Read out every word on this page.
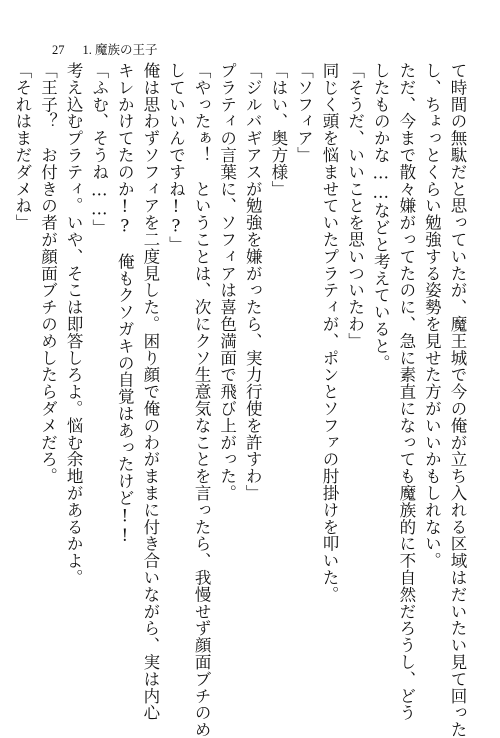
27 1. 魔族の王子
て時間の無駄だと思っていたが、魔王城で今の俺が立ち入れる区域はだいたい見て回った
し、ちょっとくらい勉強する姿勢を見せた方がいいかもしれない。
ただ、今まで散々嫌がってたのに、急に素直になっても魔族的に不自然だろうし、どう
したものかな……などと考えていると。
「そうだ、いいことを思いついたわ」
同じく頭を悩ませていたプラティが、ポンとソファの肘掛けを叩いた。
「ソフィア」
「はい、奥方様」
「ジルバギアスが勉強を嫌がったら、実力行使を許すわ」
プラティの言葉に、ソフィアは喜色満面で飛び上がった。
「やったぁ！　ということは、次にクソ生意気なことを言ったら、我慢せず顔面ブチのめ
していいんですね!?」
俺は思わずソフィアを二度見した。困り顔で俺のわがままに付き合いながら、実は内心
キレかけてたのか!?　俺もクソガキの自覚はあったけど!!
「ふむ、そうね……」
考え込むプラティ。いや、そこは即答しろよ。悩む余地があるかよ。
「王子？　お付きの者が顔面ブチのめしたらダメだろ。
「それはまだダメね」
